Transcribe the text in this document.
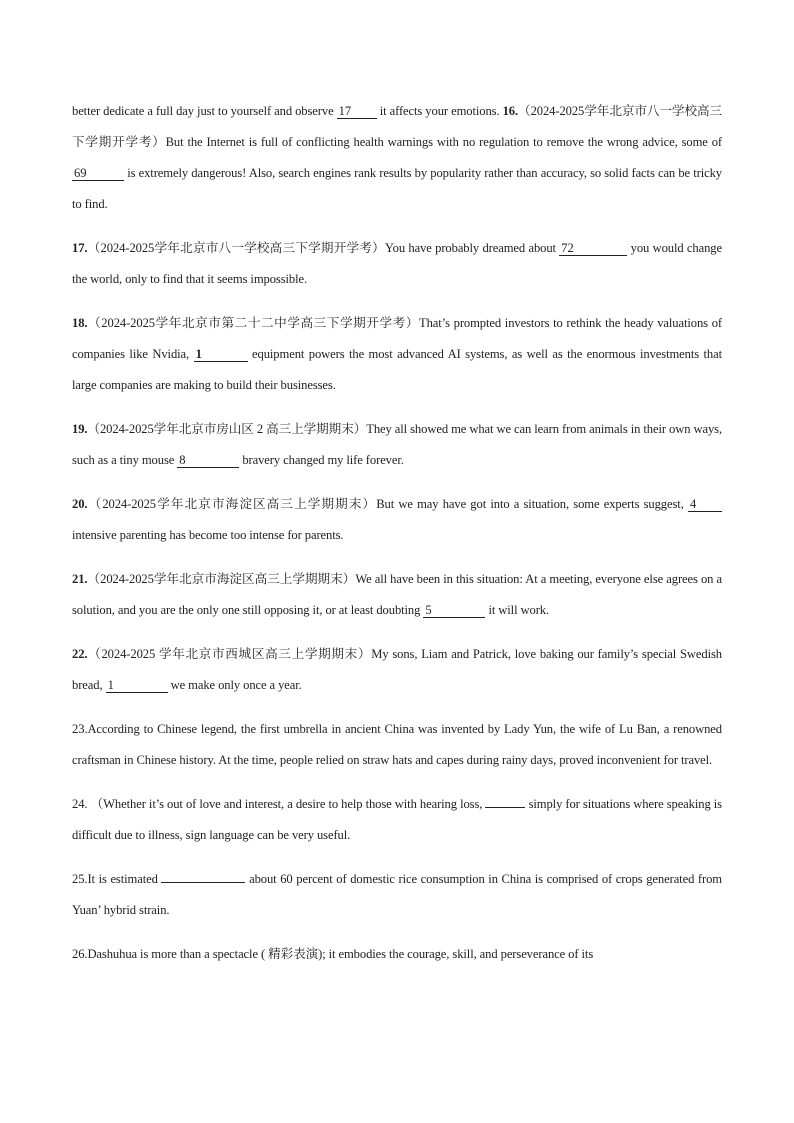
better dedicate a full day just to yourself and observe 17 it affects your emotions. 16.（2024-2025学年北京市八一学校高三下学期开学考）But the Internet is full of conflicting health warnings with no regulation to remove the wrong advice, some of 69	is extremely dangerous! Also, search engines rank results by popularity rather than accuracy, so solid facts can be tricky to find.

17.（2024-2025学年北京市八一学校高三下学期开学考）You have probably dreamed about 72	you would change the world, only to find that it seems impossible.

18.（2024-2025学年北京市第二十二中学高三下学期开学考）That’s prompted investors to rethink the heady valuations of companies like Nvidia, 1	equipment powers the most advanced AI systems, as well as the enormous investments that large companies are making to build their businesses.

19.（2024-2025学年北京市房山区 2 高三上学期期末）They all showed me what we can learn from animals in their own ways, such as a tiny mouse 8	bravery changed my life forever.

20.（2024-2025学年北京市海淀区高三上学期期末）But we may have got into a situation, some experts suggest, 4 intensive parenting has become too intense for parents.

21.（2024-2025学年北京市海淀区高三上学期期末）We all have been in this situation: At a meeting, everyone else agrees on a solution, and you are the only one still opposing it, or at least doubting 5	it will work.

22.（2024-2025 学年北京市西城区高三上学期期末）My sons, Liam and Patrick, love baking our family’s special Swedish bread, 1	we make only once a year.

23.According to Chinese legend, the first umbrella in ancient China was invented by Lady Yun, the wife of Lu Ban, a renowned craftsman in Chinese history. At the time, people relied on straw hats and capes during rainy days, proved inconvenient for travel.

24. （Whether it’s out of love and interest, a desire to help those with hearing loss,	simply for situations where speaking is difficult due to illness, sign language can be very useful.

25.It is estimated	about 60 percent of domestic rice consumption in China is comprised of crops generated from Yuan’ hybrid strain.

26.Dashuhua is more than a spectacle ( 精彩表演); it embodies the courage, skill, and perseverance of its
